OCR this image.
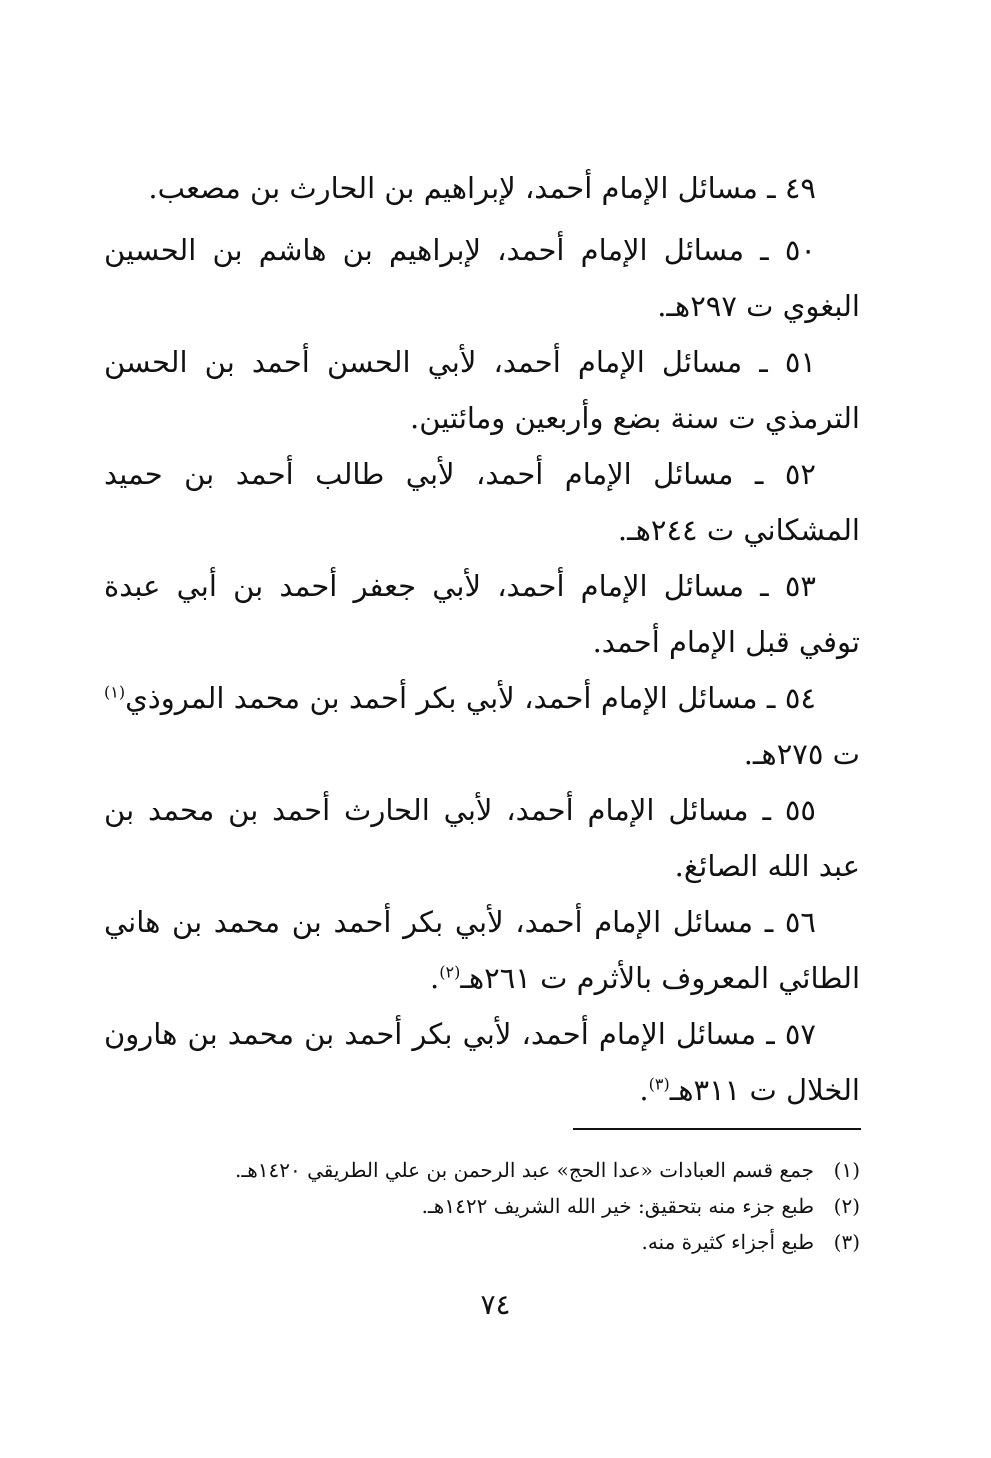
٤٩ ـ مسائل الإمام أحمد، لإبراهيم بن الحارث بن مصعب.

٥٠ ـ مسائل الإمام أحمد، لإبراهيم بن هاشم بن الحسين البغوي ت ٢٩٧هـ.

٥١ ـ مسائل الإمام أحمد، لأبي الحسن أحمد بن الحسن الترمذي ت سنة بضع وأربعين ومائتين.

٥٢ ـ مسائل الإمام أحمد، لأبي طالب أحمد بن حميد المشكاني ت ٢٤٤هـ.

٥٣ ـ مسائل الإمام أحمد، لأبي جعفر أحمد بن أبي عبدة توفي قبل الإمام أحمد.

٥٤ ـ مسائل الإمام أحمد، لأبي بكر أحمد بن محمد المروذي$^{(١)}$ ت ٢٧٥هـ.

٥٥ ـ مسائل الإمام أحمد، لأبي الحارث أحمد بن محمد بن عبد الله الصائغ.

٥٦ ـ مسائل الإمام أحمد، لأبي بكر أحمد بن محمد بن هاني الطائي المعروف بالأثرم ت ٢٦١هـ$^{(٢)}$.

٥٧ ـ مسائل الإمام أحمد، لأبي بكر أحمد بن محمد بن هارون الخلال ت ٣١١هـ$^{(٣)}$.

(١)
جمع قسم العبادات «عدا الحج» عبد الرحمن بن علي الطريقي ١٤٢٠هـ.
(٢)
طبع جزء منه بتحقيق: خير الله الشريف ١٤٢٢هـ.
(٣)
طبع أجزاء كثيرة منه.
٧٤
